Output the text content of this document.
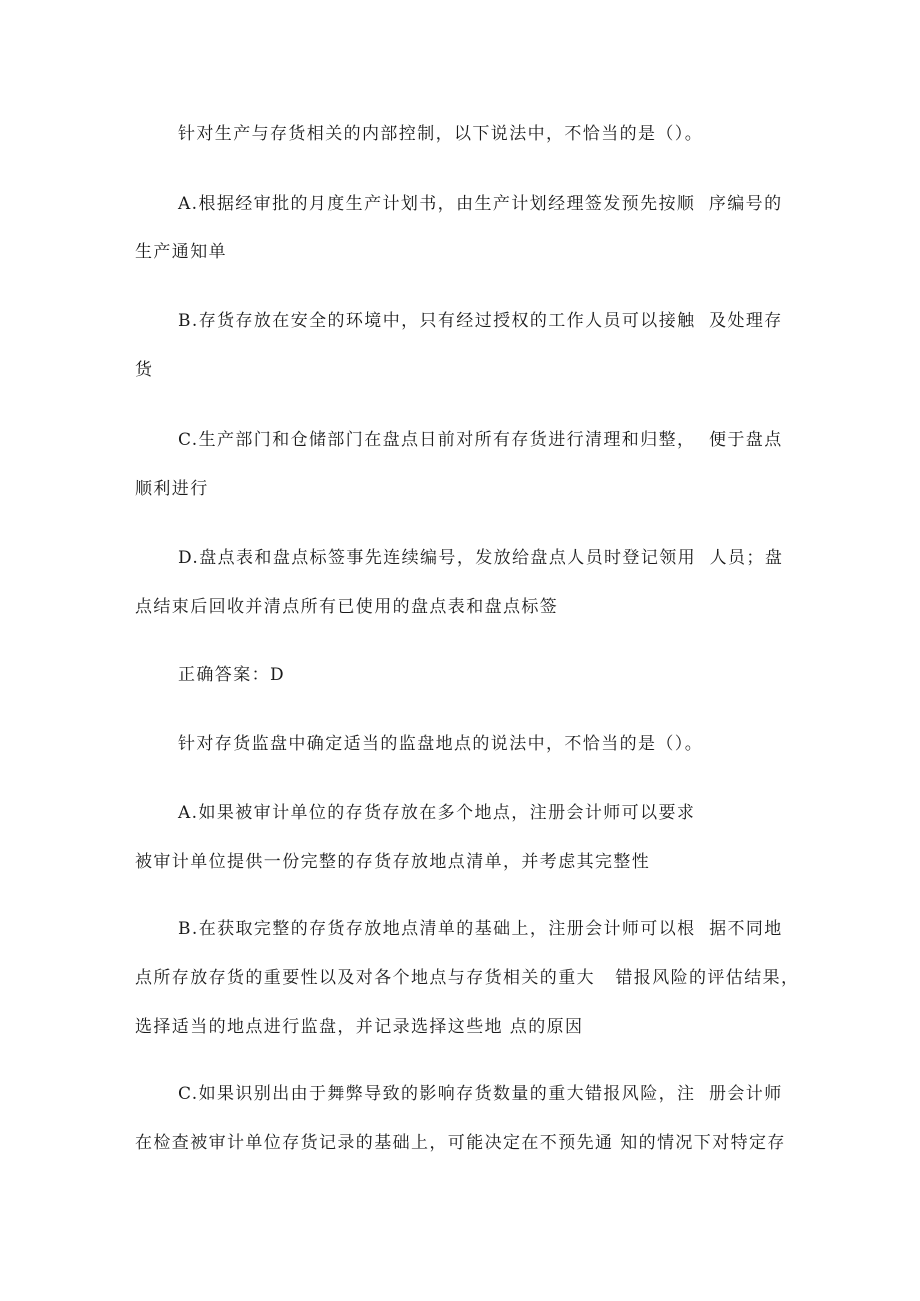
针对生产与存货相关的内部控制，以下说法中，不恰当的是（）。
A.根据经审批的月度生产计划书，由生产计划经理签发预先按顺  序编号的
生产通知单
B.存货存放在安全的环境中，只有经过授权的工作人员可以接触  及处理存
货
C.生产部门和仓储部门在盘点日前对所有存货进行清理和归整，  便于盘点
顺利进行
D.盘点表和盘点标签事先连续编号，发放给盘点人员时登记领用  人员；盘
点结束后回收并清点所有已使用的盘点表和盘点标签
正确答案：D
针对存货监盘中确定适当的监盘地点的说法中，不恰当的是（）。
A.如果被审计单位的存货存放在多个地点，注册会计师可以要求
被审计单位提供一份完整的存货存放地点清单，并考虑其完整性
B.在获取完整的存货存放地点清单的基础上，注册会计师可以根  据不同地
点所存放存货的重要性以及对各个地点与存货相关的重大   错报风险的评估结果，
选择适当的地点进行监盘，并记录选择这些地 点的原因
C.如果识别出由于舞弊导致的影响存货数量的重大错报风险，注  册会计师
在检查被审计单位存货记录的基础上，可能决定在不预先通 知的情况下对特定存
